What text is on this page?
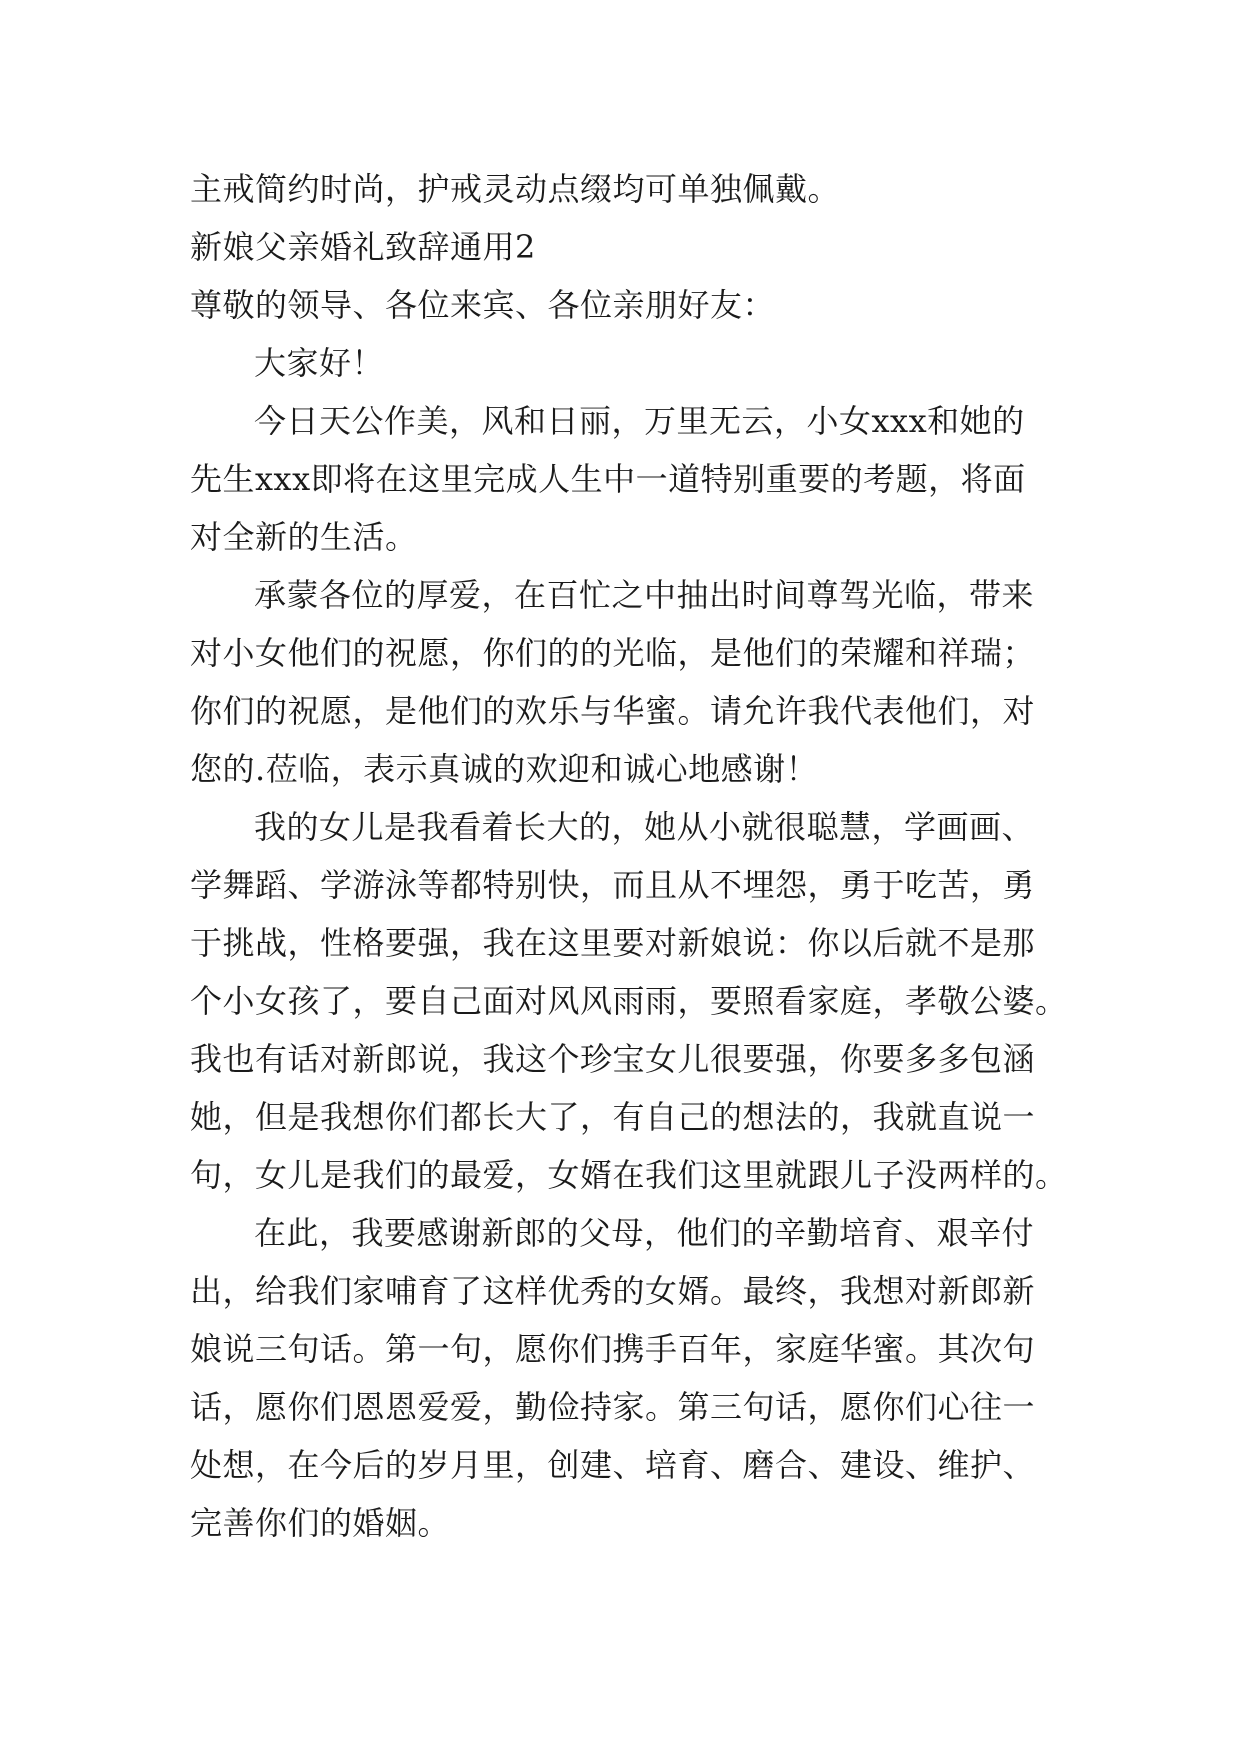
主戒简约时尚，护戒灵动点缀均可单独佩戴。
新娘父亲婚礼致辞通用2
尊敬的领导、各位来宾、各位亲朋好友：
大家好！
今日天公作美，风和日丽，万里无云，小女xxx和她的
先生xxx即将在这里完成人生中一道特别重要的考题，将面
对全新的生活。
承蒙各位的厚爱，在百忙之中抽出时间尊驾光临，带来
对小女他们的祝愿，你们的的光临，是他们的荣耀和祥瑞；
你们的祝愿，是他们的欢乐与华蜜。请允许我代表他们，对
您的.莅临，表示真诚的欢迎和诚心地感谢！
我的女儿是我看着长大的，她从小就很聪慧，学画画、
学舞蹈、学游泳等都特别快，而且从不埋怨，勇于吃苦，勇
于挑战，性格要强，我在这里要对新娘说：你以后就不是那
个小女孩了，要自己面对风风雨雨，要照看家庭，孝敬公婆。
我也有话对新郎说，我这个珍宝女儿很要强，你要多多包涵
她，但是我想你们都长大了，有自己的想法的，我就直说一
句，女儿是我们的最爱，女婿在我们这里就跟儿子没两样的。
在此，我要感谢新郎的父母，他们的辛勤培育、艰辛付
出，给我们家哺育了这样优秀的女婿。最终，我想对新郎新
娘说三句话。第一句，愿你们携手百年，家庭华蜜。其次句
话，愿你们恩恩爱爱，勤俭持家。第三句话，愿你们心往一
处想，在今后的岁月里，创建、培育、磨合、建设、维护、
完善你们的婚姻。
